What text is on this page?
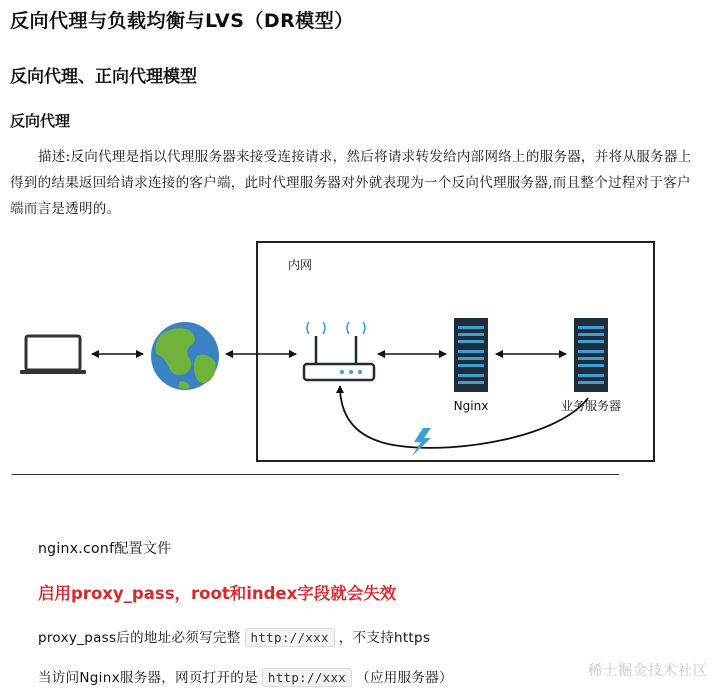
反向代理与负载均衡与LVS（DR模型）
反向代理、正向代理模型
反向代理
描述:反向代理是指以代理服务器来接受连接请求，然后将请求转发给内部网络上的服务器，并将从服务器上得到的结果返回给请求连接的客户端，此时代理服务器对外就表现为一个反向代理服务器,而且整个过程对于客户端而言是透明的。
内网
Nginx	业务服务器
nginx.conf配置文件
启用proxy_pass，root和index字段就会失效
proxy_pass后的地址必须写完整 http://xxx ，不支持https
当访问Nginx服务器，网页打开的是 http://xxx （应用服务器）	稀土掘金技术社区
